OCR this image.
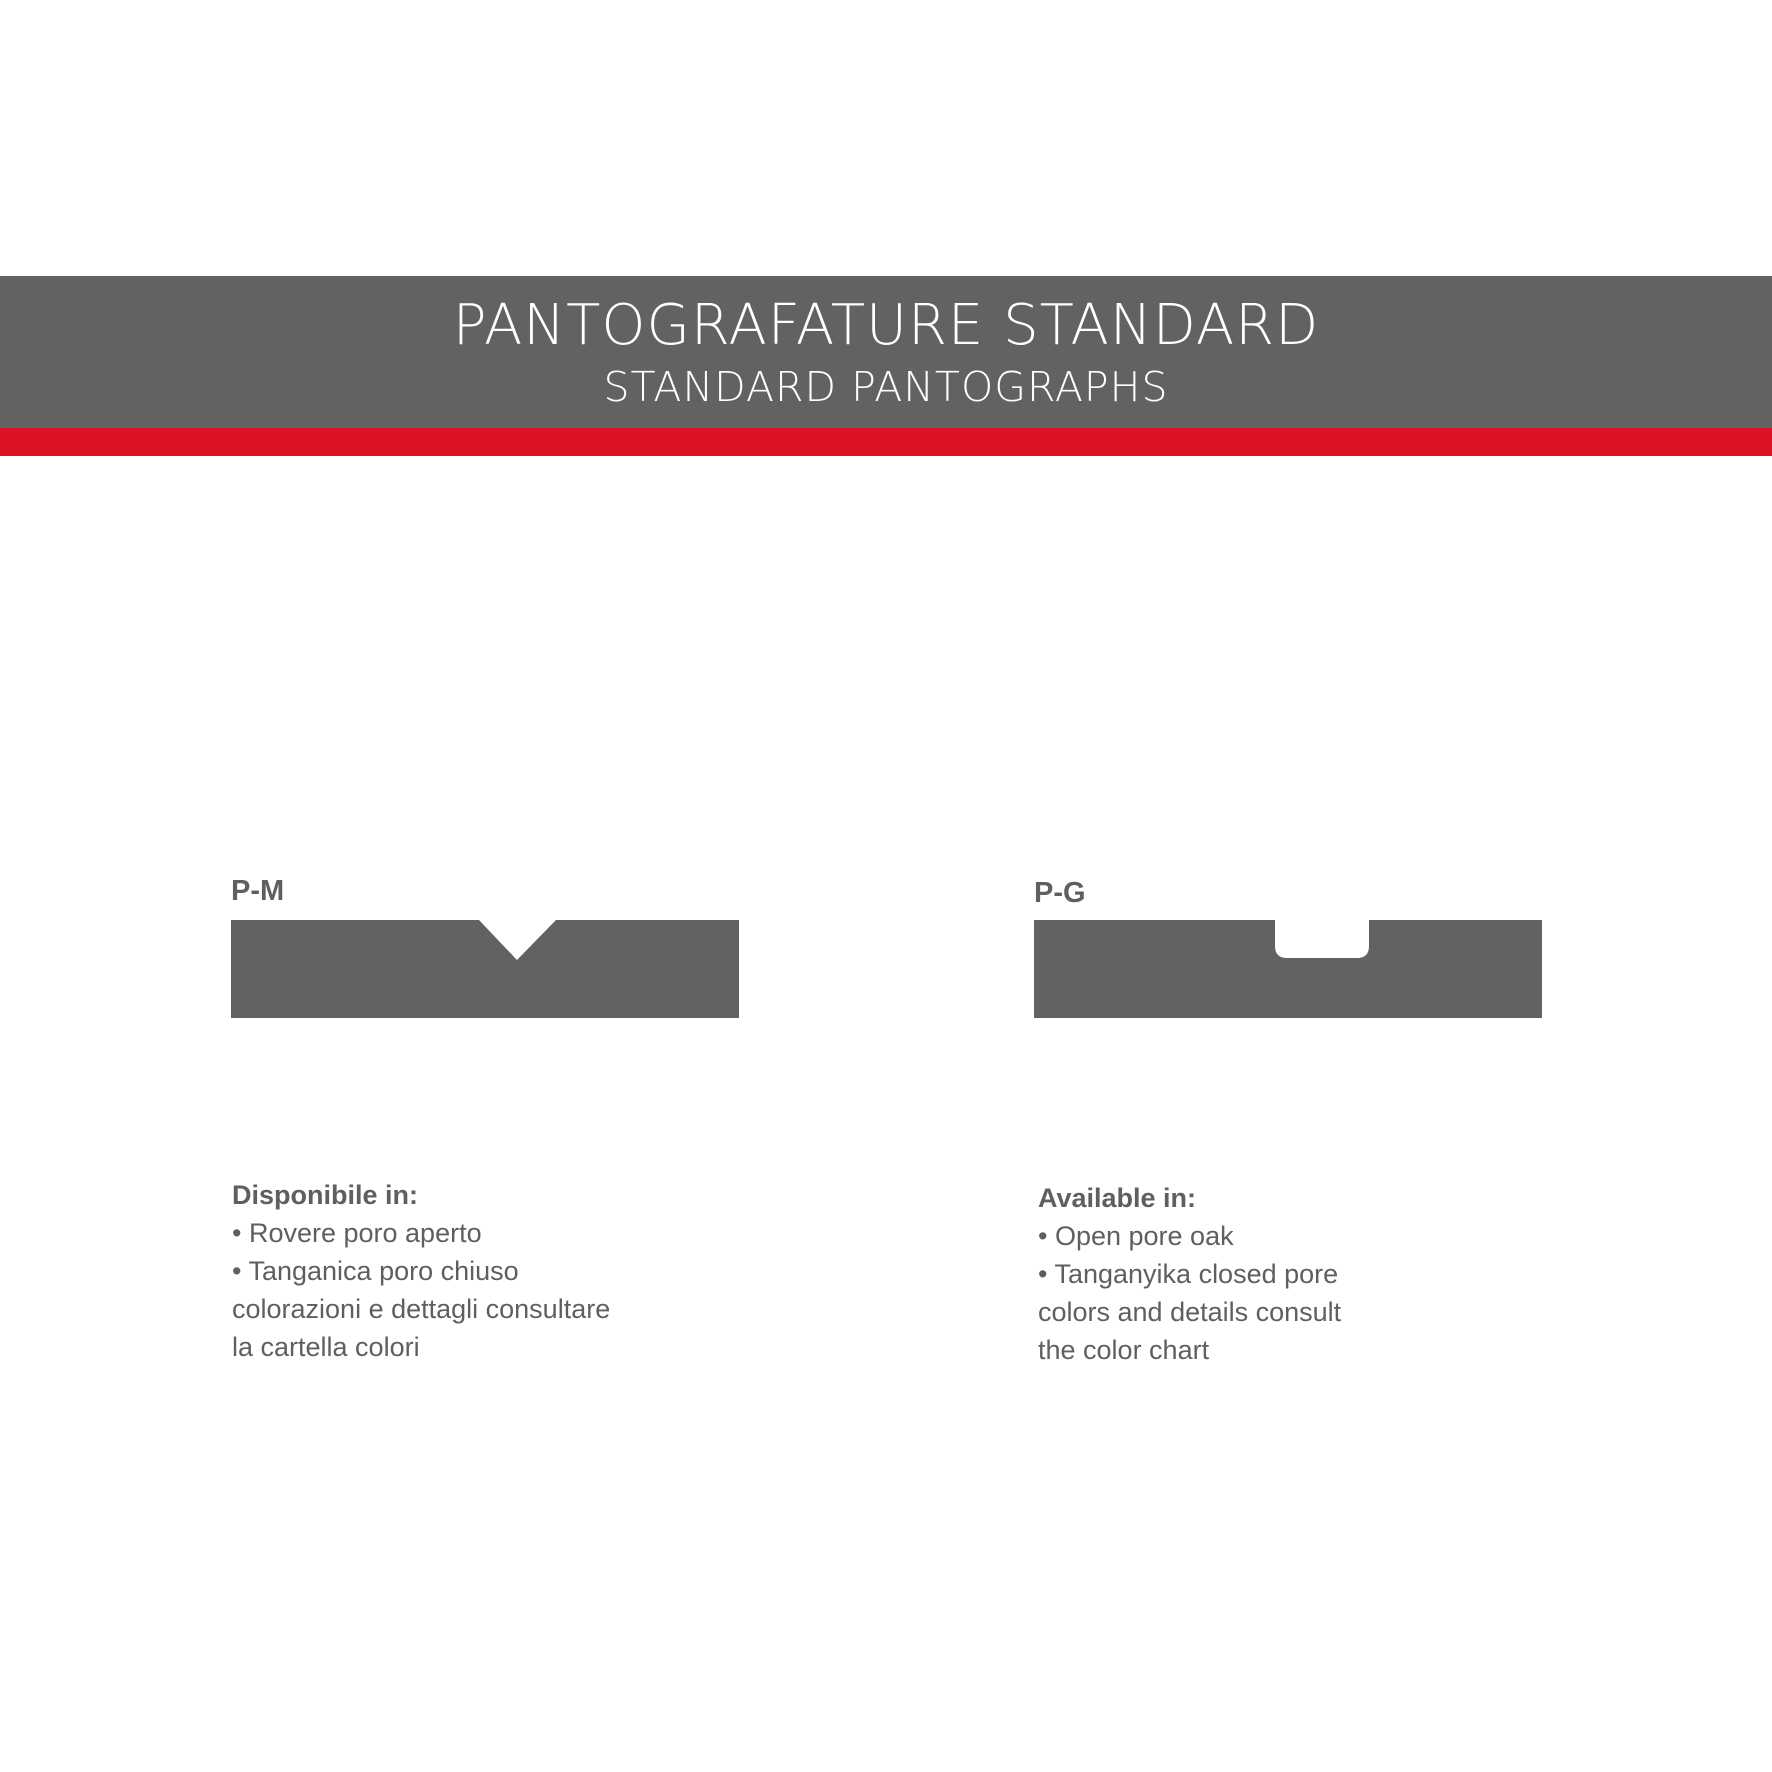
PANTOGRAFATURE STANDARD
STANDARD PANTOGRAPHS
P-M	P-G
Disponibile in:
• Rovere poro aperto
• Tanganica poro chiuso
colorazioni e dettagli consultare
la cartella colori
Available in:
• Open pore oak
• Tanganyika closed pore
colors and details consult
the color chart
